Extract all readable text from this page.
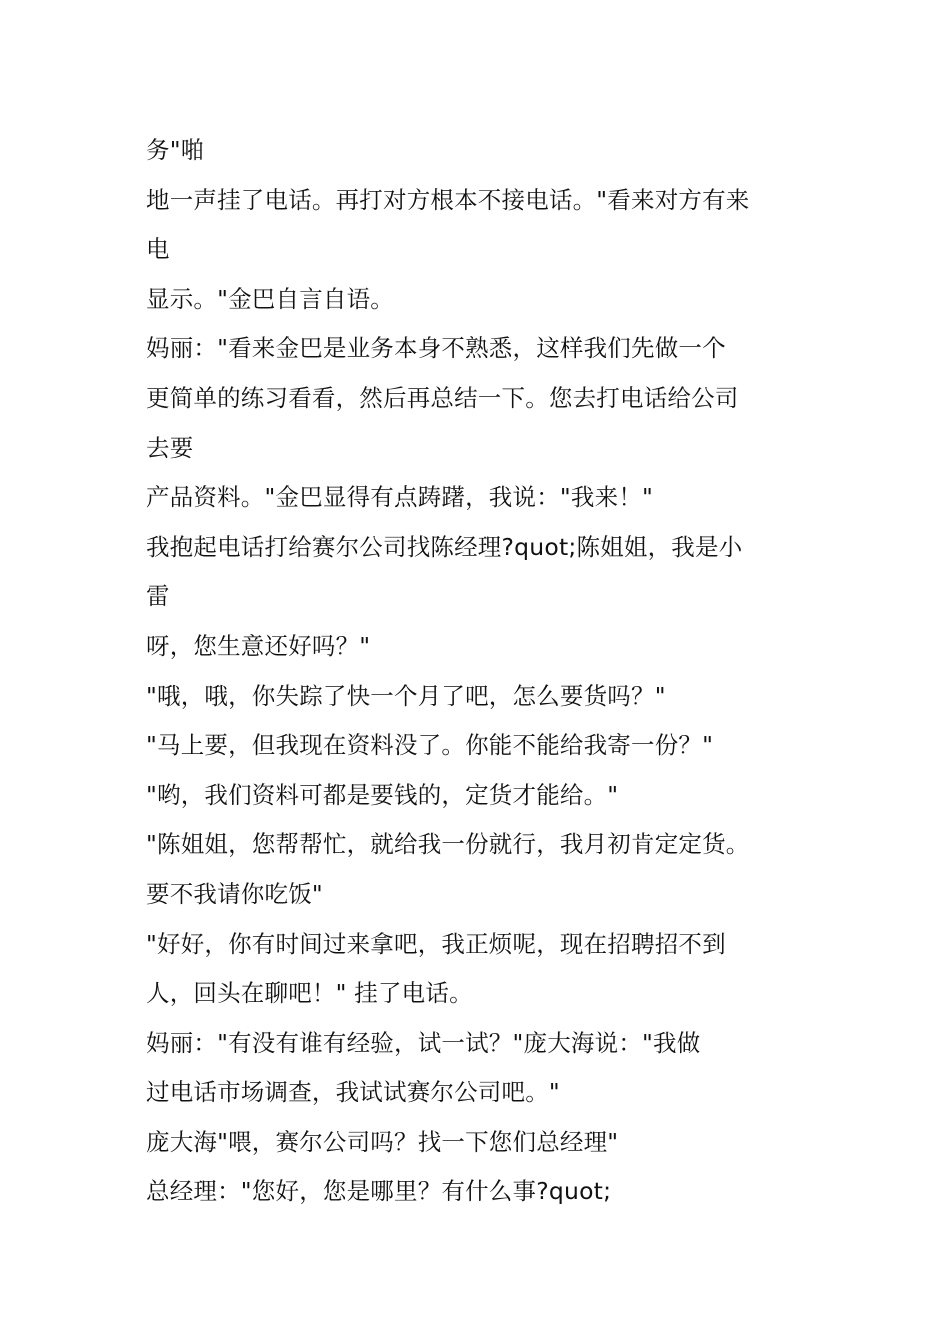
务"啪
地一声挂了电话。再打对方根本不接电话。"看来对方有来
电
显示。"金巴自言自语。
妈丽："看来金巴是业务本身不熟悉，这样我们先做一个
更简单的练习看看，然后再总结一下。您去打电话给公司
去要
产品资料。"金巴显得有点踌躇，我说："我来！"
我抱起电话打给赛尔公司找陈经理?quot;陈姐姐，我是小
雷
呀，您生意还好吗？"
"哦，哦，你失踪了快一个月了吧，怎么要货吗？"
"马上要，但我现在资料没了。你能不能给我寄一份？"
"哟，我们资料可都是要钱的，定货才能给。"
"陈姐姐，您帮帮忙，就给我一份就行，我月初肯定定货。
要不我请你吃饭"
"好好，你有时间过来拿吧，我正烦呢，现在招聘招不到
人，回头在聊吧！" 挂了电话。
妈丽："有没有谁有经验，试一试？"庞大海说："我做
过电话市场调查，我试试赛尔公司吧。"
庞大海"喂，赛尔公司吗？找一下您们总经理"
总经理："您好，您是哪里？有什么事?quot;
